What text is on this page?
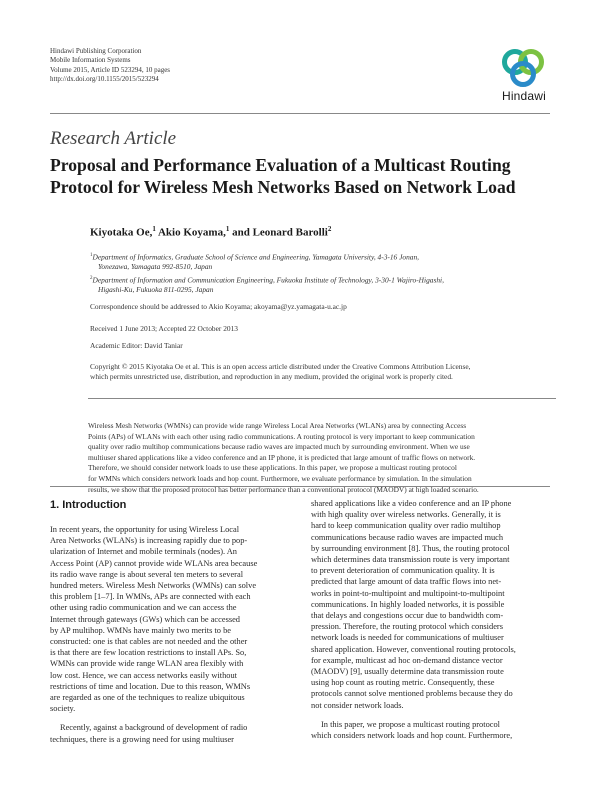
Hindawi Publishing Corporation
Mobile Information Systems
Volume 2015, Article ID 523294, 10 pages
http://dx.doi.org/10.1155/2015/523294
Hindawi
Research Article
Proposal and Performance Evaluation of a Multicast Routing
Protocol for Wireless Mesh Networks Based on Network Load
Kiyotaka Oe,$^1$ Akio Koyama,$^1$ and Leonard Barolli$^2$
$^1$Department of Informatics, Graduate School of Science and Engineering, Yamagata University, 4-3-16 Jonan,
Yonezawa, Yamagata 992-8510, Japan
$^2$Department of Information and Communication Engineering, Fukuoka Institute of Technology, 3-30-1 Wajiro-Higashi,
Higashi-Ku, Fukuoka 811-0295, Japan
Correspondence should be addressed to Akio Koyama; akoyama@yz.yamagata-u.ac.jp
Received 1 June 2013; Accepted 22 October 2013
Academic Editor: David Taniar
Copyright © 2015 Kiyotaka Oe et al. This is an open access article distributed under the Creative Commons Attribution License,
which permits unrestricted use, distribution, and reproduction in any medium, provided the original work is properly cited.
Wireless Mesh Networks (WMNs) can provide wide range Wireless Local Area Networks (WLANs) area by connecting Access
Points (APs) of WLANs with each other using radio communications. A routing protocol is very important to keep communication
quality over radio multihop communications because radio waves are impacted much by surrounding environment. When we use
multiuser shared applications like a video conference and an IP phone, it is predicted that large amount of traffic flows on network.
Therefore, we should consider network loads to use these applications. In this paper, we propose a multicast routing protocol
for WMNs which considers network loads and hop count. Furthermore, we evaluate performance by simulation. In the simulation
results, we show that the proposed protocol has better performance than a conventional protocol (MAODV) at high loaded scenario.
1. Introduction
In recent years, the opportunity for using Wireless Local
Area Networks (WLANs) is increasing rapidly due to pop-
ularization of Internet and mobile terminals (nodes). An
Access Point (AP) cannot provide wide WLANs area because
its radio wave range is about several ten meters to several
hundred meters. Wireless Mesh Networks (WMNs) can solve
this problem [1–7]. In WMNs, APs are connected with each
other using radio communication and we can access the
Internet through gateways (GWs) which can be accessed
by AP multihop. WMNs have mainly two merits to be
constructed: one is that cables are not needed and the other
is that there are few location restrictions to install APs. So,
WMNs can provide wide range WLAN area flexibly with
low cost. Hence, we can access networks easily without
restrictions of time and location. Due to this reason, WMNs
are regarded as one of the techniques to realize ubiquitous
society.
Recently, against a background of development of radio
techniques, there is a growing need for using multiuser
shared applications like a video conference and an IP phone
with high quality over wireless networks. Generally, it is
hard to keep communication quality over radio multihop
communications because radio waves are impacted much
by surrounding environment [8]. Thus, the routing protocol
which determines data transmission route is very important
to prevent deterioration of communication quality. It is
predicted that large amount of data traffic flows into net-
works in point-to-multipoint and multipoint-to-multipoint
communications. In highly loaded networks, it is possible
that delays and congestions occur due to bandwidth com-
pression. Therefore, the routing protocol which considers
network loads is needed for communications of multiuser
shared application. However, conventional routing protocols,
for example, multicast ad hoc on-demand distance vector
(MAODV) [9], usually determine data transmission route
using hop count as routing metric. Consequently, these
protocols cannot solve mentioned problems because they do
not consider network loads.
In this paper, we propose a multicast routing protocol
which considers network loads and hop count. Furthermore,
